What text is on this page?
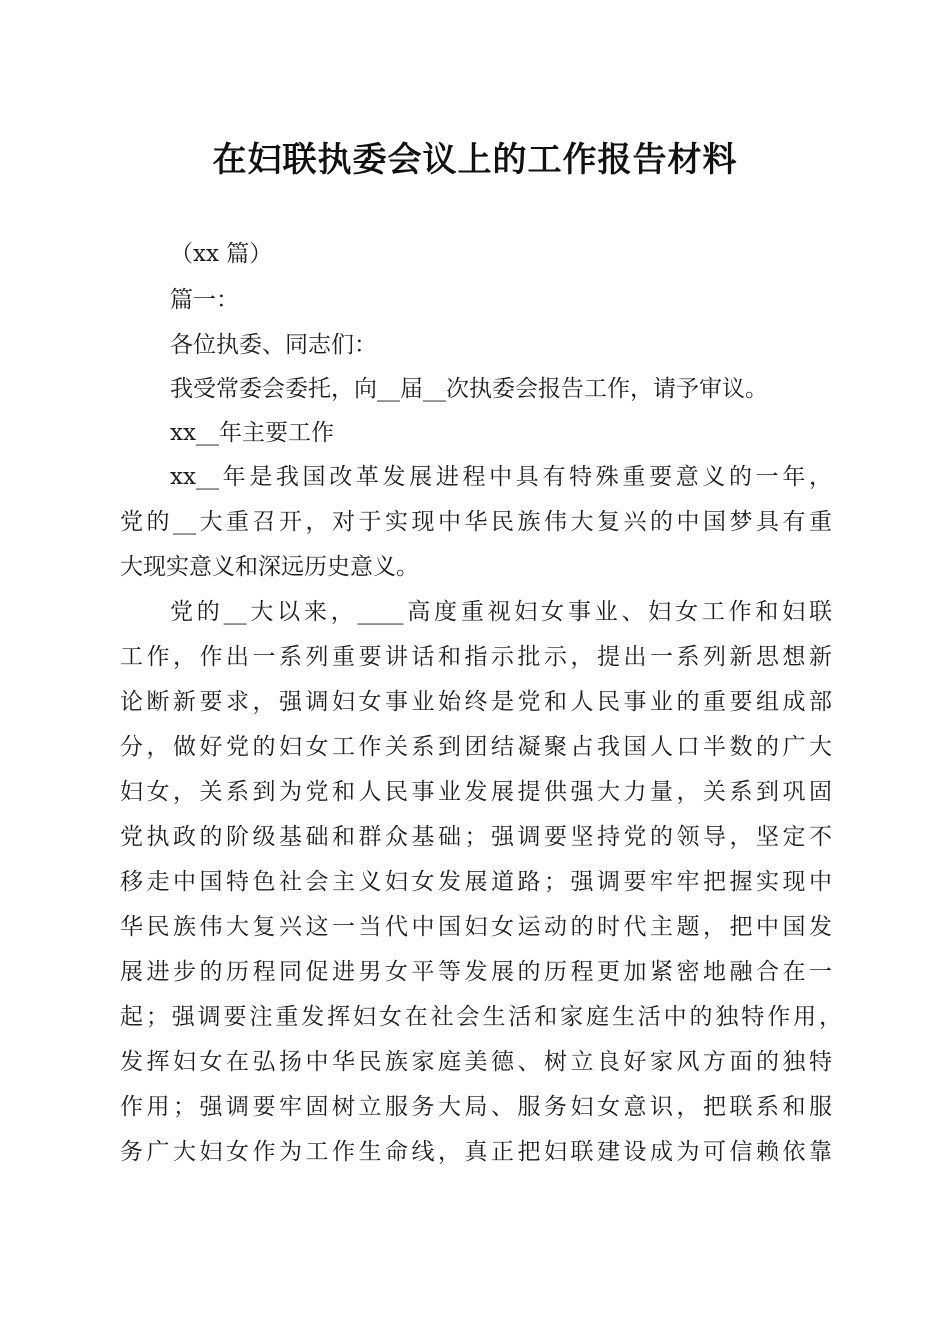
在妇联执委会议上的工作报告材料
（xx 篇）
篇一：
各位执委、同志们：
我受常委会委托，向__届__次执委会报告工作，请予审议。
xx__年主要工作
xx__年是我国改革发展进程中具有特殊重要意义的一年，
党的__大重召开，对于实现中华民族伟大复兴的中国梦具有重
大现实意义和深远历史意义。
党的__大以来，____高度重视妇女事业、妇女工作和妇联
工作，作出一系列重要讲话和指示批示，提出一系列新思想新
论断新要求，强调妇女事业始终是党和人民事业的重要组成部
分，做好党的妇女工作关系到团结凝聚占我国人口半数的广大
妇女，关系到为党和人民事业发展提供强大力量，关系到巩固
党执政的阶级基础和群众基础；强调要坚持党的领导，坚定不
移走中国特色社会主义妇女发展道路；强调要牢牢把握实现中
华民族伟大复兴这一当代中国妇女运动的时代主题，把中国发
展进步的历程同促进男女平等发展的历程更加紧密地融合在一
起；强调要注重发挥妇女在社会生活和家庭生活中的独特作用，
发挥妇女在弘扬中华民族家庭美德、树立良好家风方面的独特
作用；强调要牢固树立服务大局、服务妇女意识，把联系和服
务广大妇女作为工作生命线，真正把妇联建设成为可信赖依靠
